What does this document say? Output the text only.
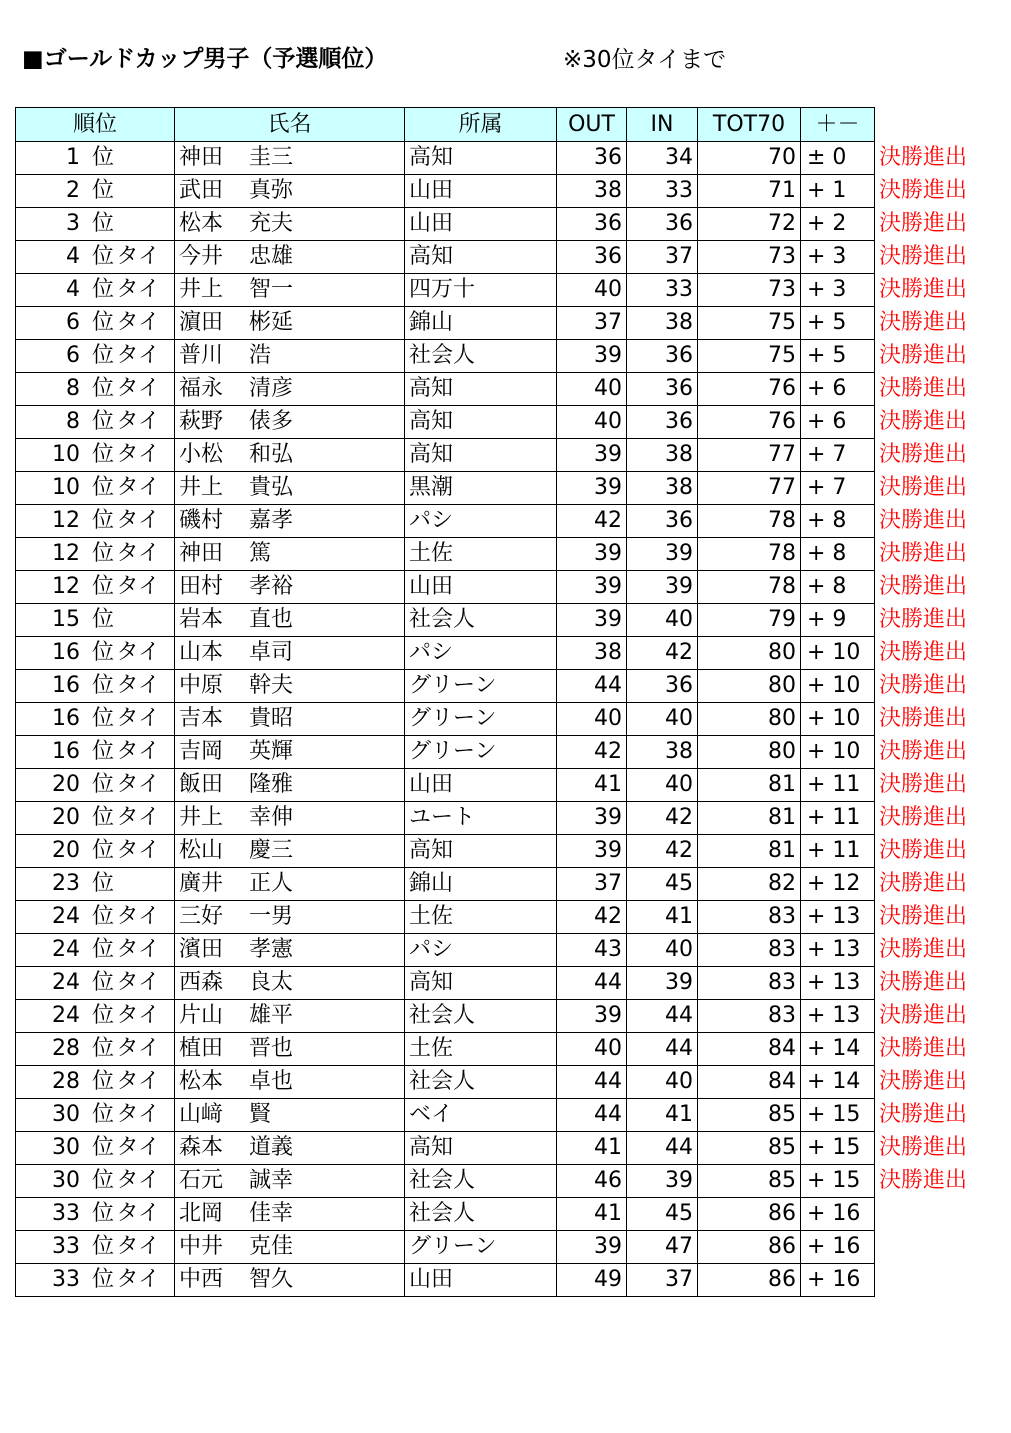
■ゴールドカップ男子（予選順位）	※30位タイまで
順位	氏名	所属	OUT	IN	TOT70	＋－	
1 位	神田 圭三	高知	36	34	70	± 0	決勝進出
2 位	武田 真弥	山田	38	33	71	+ 1	決勝進出
3 位	松本 充夫	山田	36	36	72	+ 2	決勝進出
4 位 タイ	今井 忠雄	高知	36	37	73	+ 3	決勝進出
4 位 タイ	井上 智一	四万十	40	33	73	+ 3	決勝進出
6 位 タイ	濵田 彬延	錦山	37	38	75	+ 5	決勝進出
6 位 タイ	普川 浩	社会人	39	36	75	+ 5	決勝進出
8 位 タイ	福永 清彦	高知	40	36	76	+ 6	決勝進出
8 位 タイ	萩野 俵多	高知	40	36	76	+ 6	決勝進出
10 位 タイ	小松 和弘	高知	39	38	77	+ 7	決勝進出
10 位 タイ	井上 貴弘	黒潮	39	38	77	+ 7	決勝進出
12 位 タイ	磯村 嘉孝	パシ	42	36	78	+ 8	決勝進出
12 位 タイ	神田 篤	土佐	39	39	78	+ 8	決勝進出
12 位 タイ	田村 孝裕	山田	39	39	78	+ 8	決勝進出
15 位	岩本 直也	社会人	39	40	79	+ 9	決勝進出
16 位 タイ	山本 卓司	パシ	38	42	80	+ 10	決勝進出
16 位 タイ	中原 幹夫	グリーン	44	36	80	+ 10	決勝進出
16 位 タイ	吉本 貴昭	グリーン	40	40	80	+ 10	決勝進出
16 位 タイ	吉岡 英輝	グリーン	42	38	80	+ 10	決勝進出
20 位 タイ	飯田 隆雅	山田	41	40	81	+ 11	決勝進出
20 位 タイ	井上 幸伸	ユート	39	42	81	+ 11	決勝進出
20 位 タイ	松山 慶三	高知	39	42	81	+ 11	決勝進出
23 位	廣井 正人	錦山	37	45	82	+ 12	決勝進出
24 位 タイ	三好 一男	土佐	42	41	83	+ 13	決勝進出
24 位 タイ	濱田 孝憲	パシ	43	40	83	+ 13	決勝進出
24 位 タイ	西森 良太	高知	44	39	83	+ 13	決勝進出
24 位 タイ	片山 雄平	社会人	39	44	83	+ 13	決勝進出
28 位 タイ	植田 晋也	土佐	40	44	84	+ 14	決勝進出
28 位 タイ	松本 卓也	社会人	44	40	84	+ 14	決勝進出
30 位 タイ	山﨑 賢	ベイ	44	41	85	+ 15	決勝進出
30 位 タイ	森本 道義	高知	41	44	85	+ 15	決勝進出
30 位 タイ	石元 誠幸	社会人	46	39	85	+ 15	決勝進出
33 位 タイ	北岡 佳幸	社会人	41	45	86	+ 16	
33 位 タイ	中井 克佳	グリーン	39	47	86	+ 16	
33 位 タイ	中西 智久	山田	49	37	86	+ 16	
